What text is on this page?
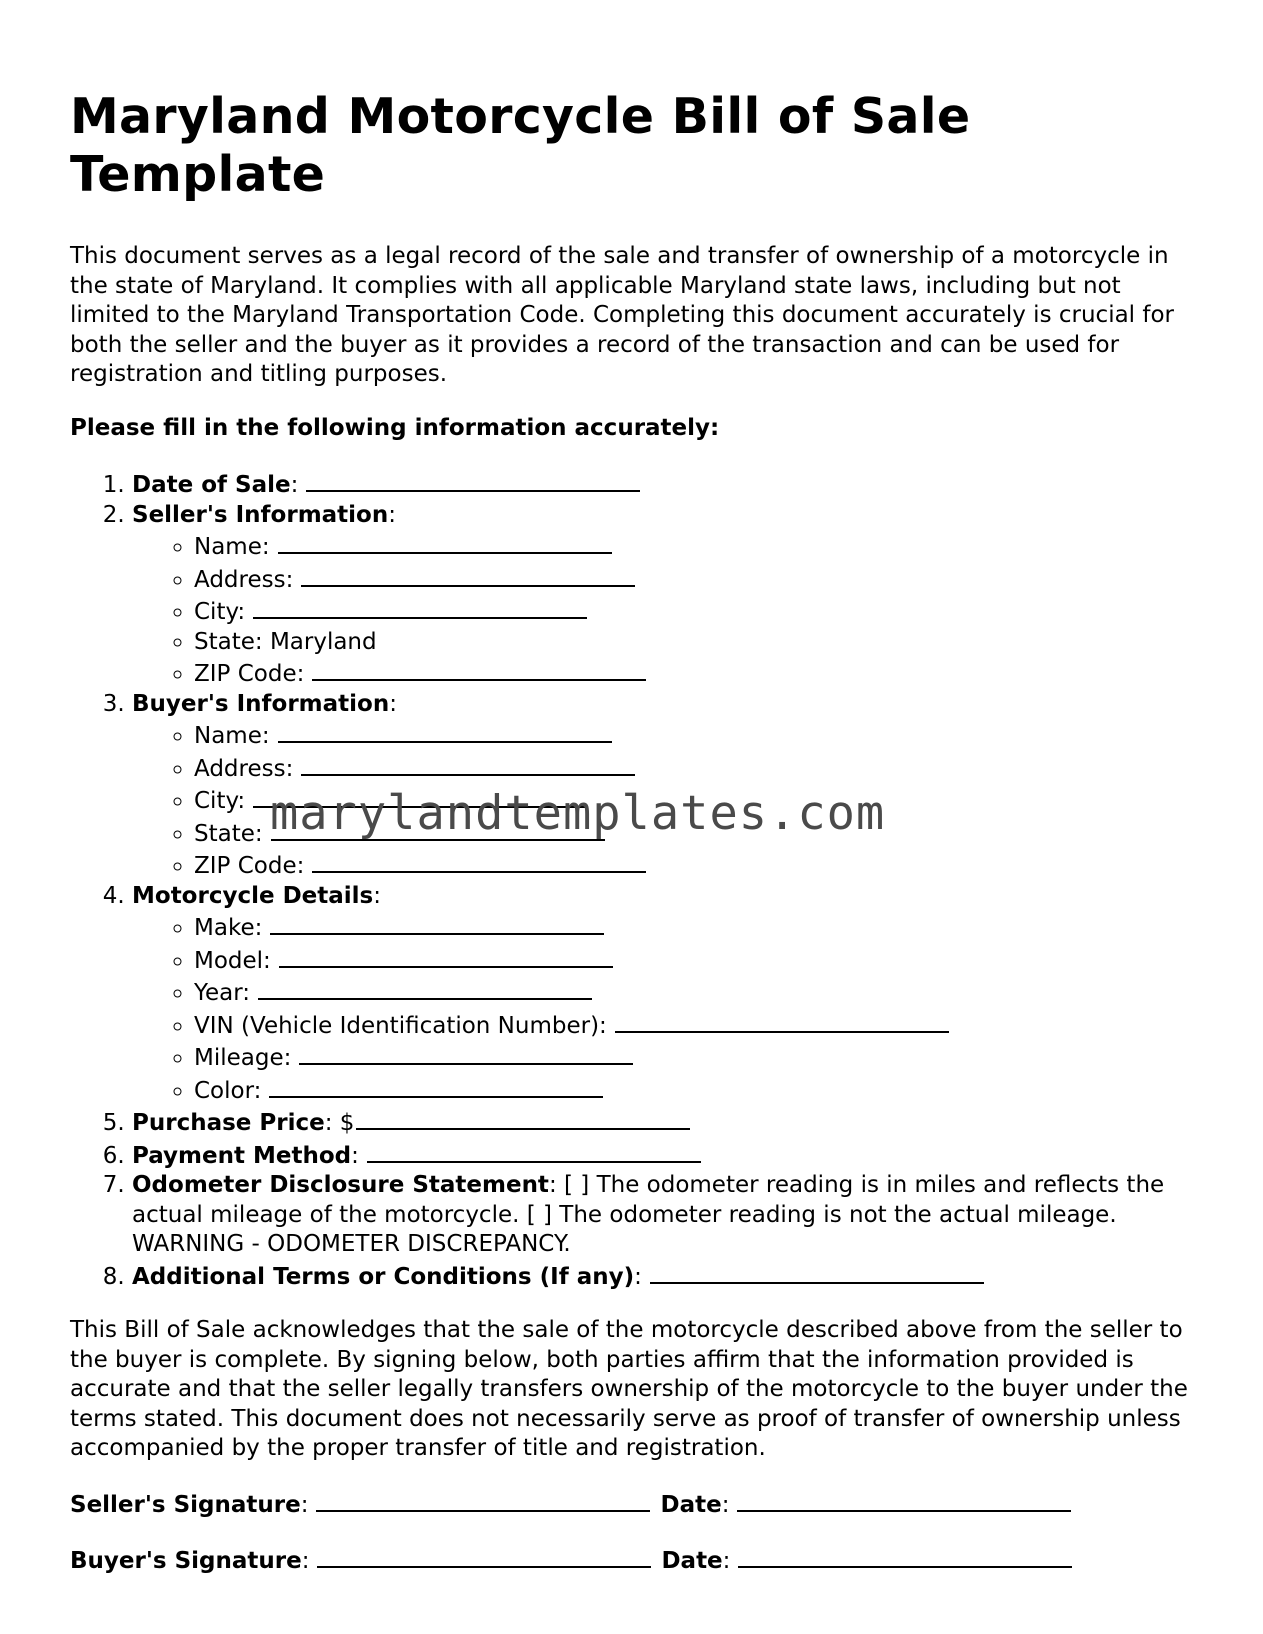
Maryland Motorcycle Bill of Sale Template

This document serves as a legal record of the sale and transfer of ownership of a motorcycle in the state of Maryland. It complies with all applicable Maryland state laws, including but not limited to the Maryland Transportation Code. Completing this document accurately is crucial for both the seller and the buyer as it provides a record of the transaction and can be used for registration and titling purposes.

Please fill in the following information accurately:

1. Date of Sale:
2. Seller's Information:
◦ Name:
◦ Address:
◦ City:
◦ State: Maryland
◦ ZIP Code:
3. Buyer's Information:
◦ Name:
◦ Address:
◦ City:
◦ State:
◦ ZIP Code:
4. Motorcycle Details:
◦ Make:
◦ Model:
◦ Year:
◦ VIN (Vehicle Identification Number):
◦ Mileage:
◦ Color:
5. Purchase Price: $
6. Payment Method:
7. Odometer Disclosure Statement: [ ] The odometer reading is in miles and reflects the actual mileage of the motorcycle. [ ] The odometer reading is not the actual mileage. WARNING - ODOMETER DISCREPANCY.
8. Additional Terms or Conditions (If any):

This Bill of Sale acknowledges that the sale of the motorcycle described above from the seller to the buyer is complete. By signing below, both parties affirm that the information provided is accurate and that the seller legally transfers ownership of the motorcycle to the buyer under the terms stated. This document does not necessarily serve as proof of transfer of ownership unless accompanied by the proper transfer of title and registration.

Seller's Signature:	Date:
Buyer's Signature:	Date:
marylandtemplates.com
